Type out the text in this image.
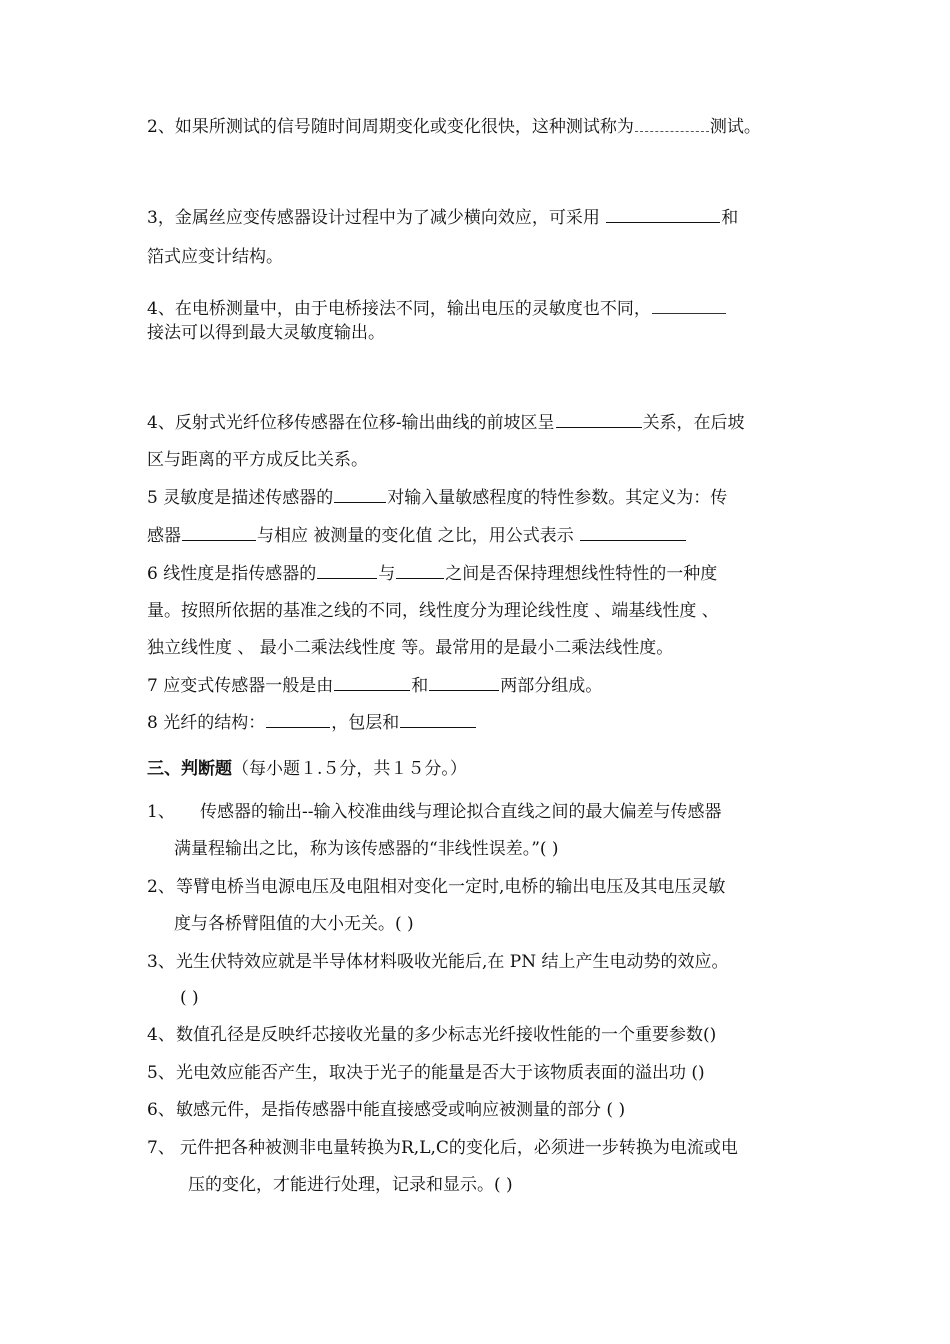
2、如果所测试的信号随时间周期变化或变化很快，这种测试称为	测试。
3，金属丝应变传感器设计过程中为了减少横向效应，可采用	和
箔式应变计结构。
4、在电桥测量中，由于电桥接法不同，输出电压的灵敏度也不同，
接法可以得到最大灵敏度输出。
4、反射式光纤位移传感器在位移-输出曲线的前坡区呈	关系，在后坡
区与距离的平方成反比关系。
5 灵敏度是描述传感器的	对输入量敏感程度的特性参数。其定义为：传
感器	与相应 被测量的变化值 之比，用公式表示
6 线性度是指传感器的	与	之间是否保持理想线性特性的一种度
量。按照所依据的基准之线的不同，线性度分为理论线性度 、端基线性度 、
独立线性度 、 最小二乘法线性度 等。最常用的是最小二乘法线性度。
7 应变式传感器一般是由	和	两部分组成。
8 光纤的结构：	，包层和
三、判断题（每小题１.５分，共１５分。）
1、 传感器的输出--输入校准曲线与理论拟合直线之间的最大偏差与传感器
满量程输出之比，称为该传感器的“非线性误差。”( )
2、 等臂电桥当电源电压及电阻相对变化一定时,电桥的输出电压及其电压灵敏
度与各桥臂阻值的大小无关。( )
3、 光生伏特效应就是半导体材料吸收光能后,在 PN 结上产生电动势的效应。
( )
4、 数值孔径是反映纤芯接收光量的多少标志光纤接收性能的一个重要参数()
5、 光电效应能否产生，取决于光子的能量是否大于该物质表面的溢出功 ()
6、 敏感元件，是指传感器中能直接感受或响应被测量的部分 ( )
7、 元件把各种被测非电量转换为R,L,C的变化后，必须进一步转换为电流或电
压的变化，才能进行处理，记录和显示。( )
